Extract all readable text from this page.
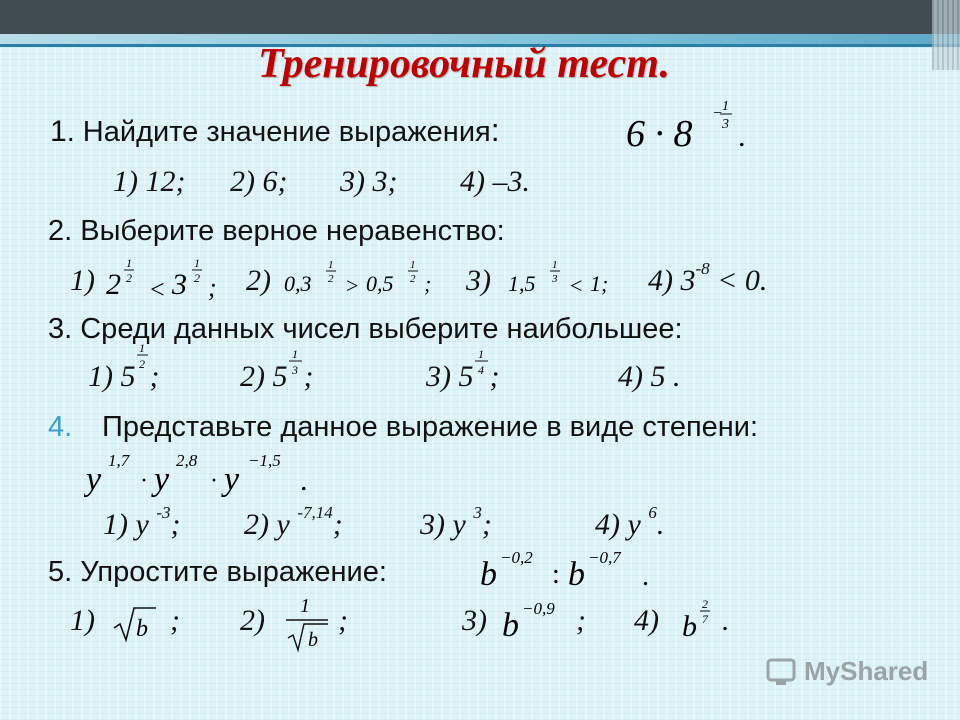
Тренировочный тест.
1. Найдите значение выражения:	6 · 8 − 1
3 .
1) 12; 2) 6; 3) 3; 4) –3.
2. Выберите верное неравенство:
1) 2
1
2 < 3
1
2 ; 2) 0,3
1
2 > 0,5
1
2 ; 3) 1,5
1
3 < 1; 4) $3^{-8} < 0$.
3. Среди данных чисел выберите наибольшее:
1) 5
1
2 ;	2) 5
1
3 ;	3) 5
1
4 ;	4) 5 .
4. Представьте данное выражение в виде степени:
y
1,7
· y
2,8
· y
−1,5
.
1) y $^{-3}$; 2) y $^{-7,14}$;	3) y $^3$;	4) y $^6$.
5. Упростите выражение:	b −0,2
: b −0,7
.
1) b ; 2) 1
b
;	3) b −0,9 ; 4) b
2
7 .
MyShared
